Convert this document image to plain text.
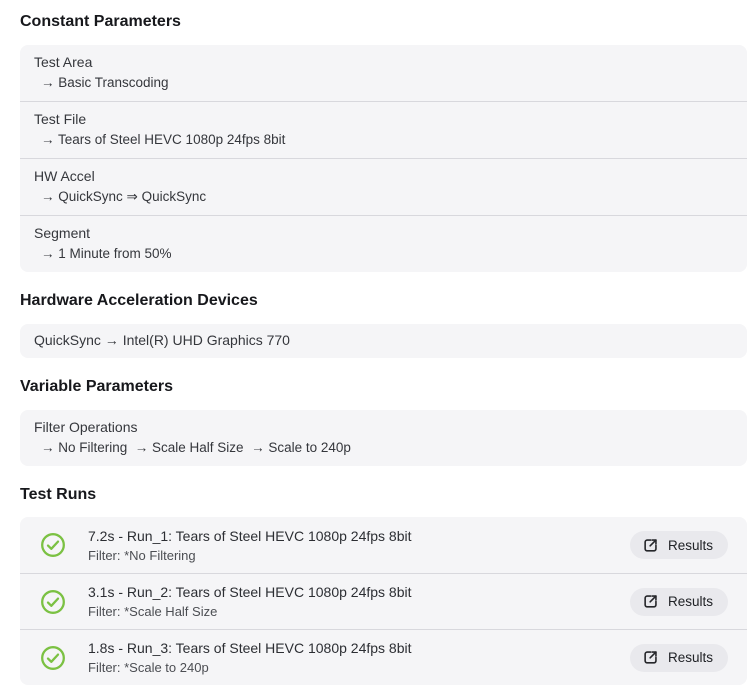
Constant Parameters
Test Area
→ Basic Transcoding
Test File
→ Tears of Steel HEVC 1080p 24fps 8bit
HW Accel
→ QuickSync ⇒ QuickSync
Segment
→ 1 Minute from 50%
Hardware Acceleration Devices
QuickSync → Intel(R) UHD Graphics 770
Variable Parameters
Filter Operations
→ No Filtering  → Scale Half Size  → Scale to 240p
Test Runs
7.2s - Run_1: Tears of Steel HEVC 1080p 24fps 8bit
Filter: *No Filtering
Results
3.1s - Run_2: Tears of Steel HEVC 1080p 24fps 8bit
Filter: *Scale Half Size
Results
1.8s - Run_3: Tears of Steel HEVC 1080p 24fps 8bit
Filter: *Scale to 240p
Results
